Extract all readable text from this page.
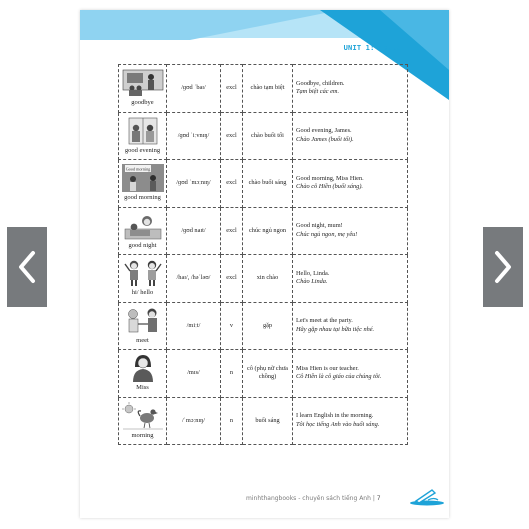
UNIT 1: Hello
goodbye	/ɡʊd ˈbaɪ/	excl	chào tạm biệt	Goodbye, children.
Tạm biệt các em.

good evening	/ɡʊd ˈiːvnɪŋ/	excl	chào buổi tối	Good evening, James.
Chào James (buổi tối).

Good morning
good morning	/ɡʊd ˈmɔːnɪŋ/	excl	chào buổi sáng	Good morning, Miss Hien.
Chào cô Hiền (buổi sáng).

good night	/ɡʊd naɪt/	excl	chúc ngủ ngon	Good night, mum!
Chúc ngủ ngon, mẹ yêu!

hi/ hello	/haɪ/, /həˈləʊ/	excl	xin chào	Hello, Linda.
Chào Linda.

meet	/miːt/	v	gặp	Let's meet at the party.
Hãy gặp nhau tại bữa tiệc nhé.

Miss	/mɪs/	n	cô (phụ nữ chưa chồng)	Miss Hien is our teacher.
Cô Hiền là cô giáo của chúng tôi.

morning	/ˈmɔːnɪŋ/	n	buổi sáng	I learn English in the morning.
Tôi học tiếng Anh vào buổi sáng.
minhthangbooks - chuyên sách tiếng Anh | 7
